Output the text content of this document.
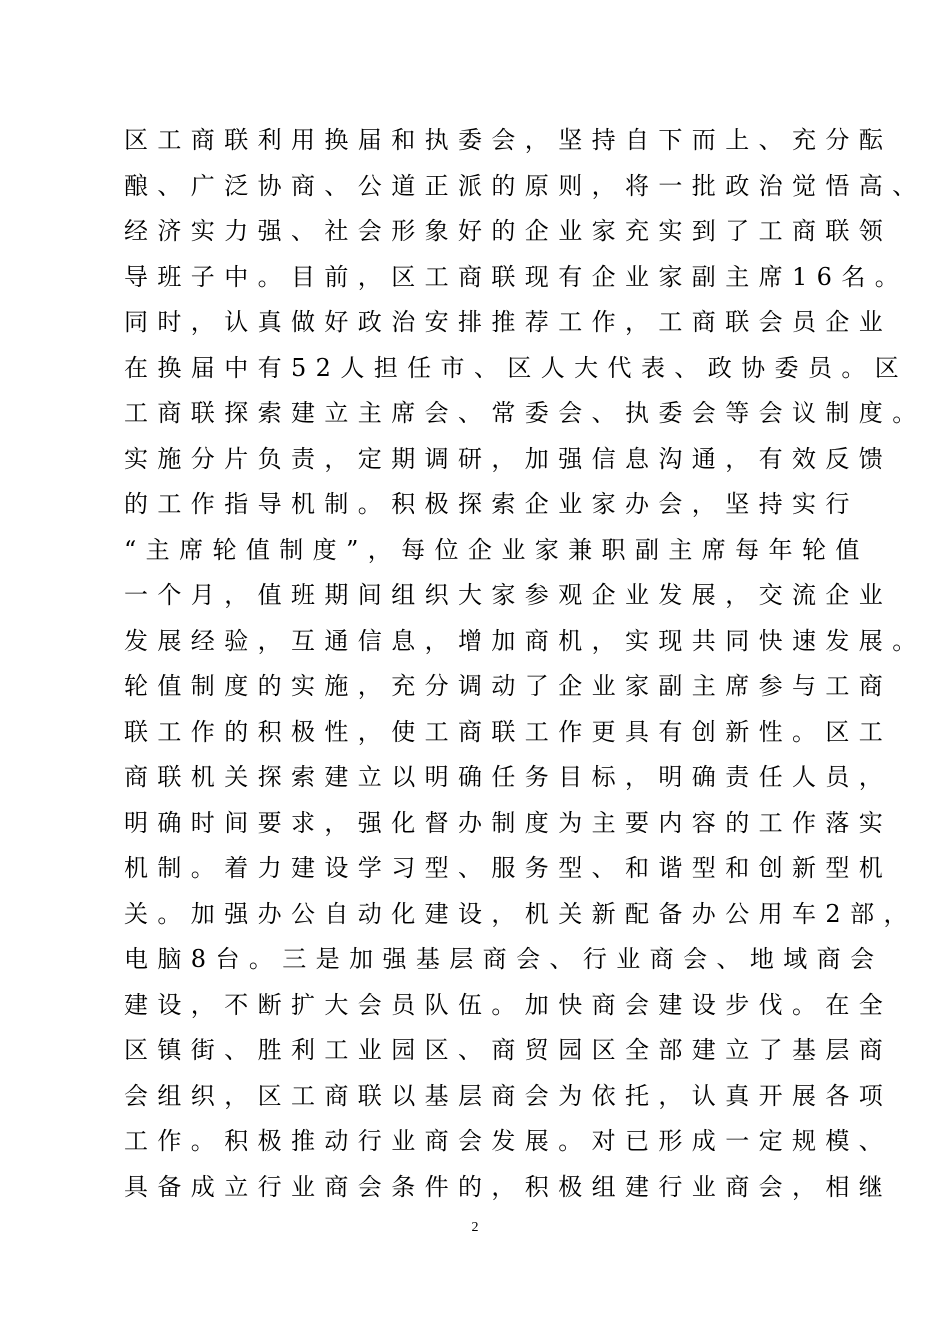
区工商联利用换届和执委会，坚持自下而上、充分酝
酿、广泛协商、公道正派的原则，将一批政治觉悟高、
经济实力强、社会形象好的企业家充实到了工商联领
导班子中。目前，区工商联现有企业家副主席16名。
同时，认真做好政治安排推荐工作，工商联会员企业
在换届中有52人担任市、区人大代表、政协委员。区
工商联探索建立主席会、常委会、执委会等会议制度。
实施分片负责，定期调研，加强信息沟通，有效反馈
的工作指导机制。积极探索企业家办会，坚持实行
“主席轮值制度”，每位企业家兼职副主席每年轮值
一个月，值班期间组织大家参观企业发展，交流企业
发展经验，互通信息，增加商机，实现共同快速发展。
轮值制度的实施，充分调动了企业家副主席参与工商
联工作的积极性，使工商联工作更具有创新性。区工
商联机关探索建立以明确任务目标，明确责任人员，
明确时间要求，强化督办制度为主要内容的工作落实
机制。着力建设学习型、服务型、和谐型和创新型机
关。加强办公自动化建设，机关新配备办公用车2部，
电脑8台。三是加强基层商会、行业商会、地域商会
建设，不断扩大会员队伍。加快商会建设步伐。在全
区镇街、胜利工业园区、商贸园区全部建立了基层商
会组织，区工商联以基层商会为依托，认真开展各项
工作。积极推动行业商会发展。对已形成一定规模、
具备成立行业商会条件的，积极组建行业商会，相继
2
